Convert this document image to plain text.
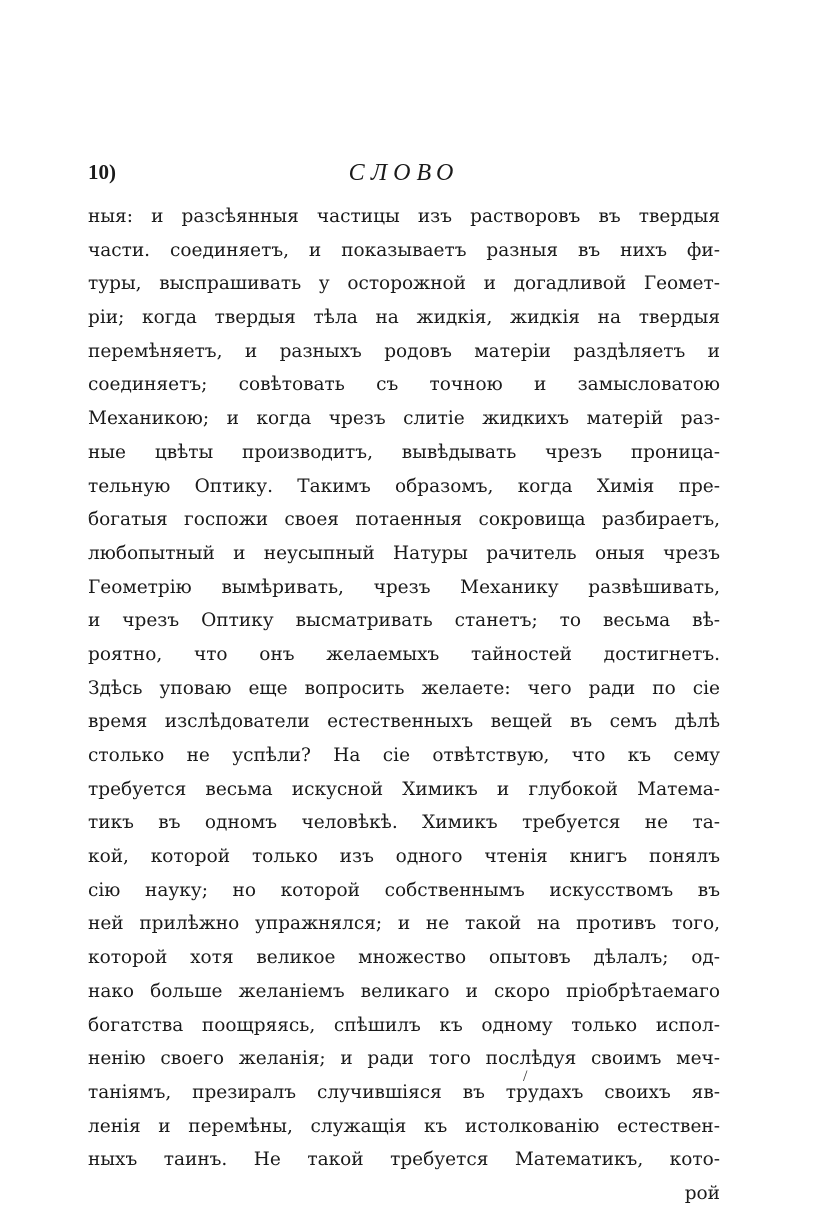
10)	СЛОВО
ныя: и разсѣянныя частицы изъ растворовъ въ твердыя
части. соединяетъ, и показываетъ разныя въ нихъ фи-
туры, выспрашивать у осторожной и догадливой Геомет-
рiи; когда твердыя тѣла на жидкiя, жидкiя на твердыя
перемѣняетъ, и разныхъ родовъ матерiи раздѣляетъ и
соединяетъ; совѣтовать съ точною и замысловатою
Механикою; и когда чрезъ слитiе жидкихъ матерiй раз-
ные цвѣты производитъ, вывѣдывать чрезъ проница-
тельную Оптику. Такимъ образомъ, когда Химiя пре-
богатыя госпожи своея потаенныя сокровища разбираетъ,
любопытный и неусыпный Натуры рачитель оныя чрезъ
Геометрiю вымѣривать, чрезъ Механику развѣшивать,
и чрезъ Оптику высматривать станетъ; то весьма вѣ-
роятно, что онъ желаемыхъ тайностей достигнетъ.
Здѣсь уповаю еще вопросить желаете: чего ради по сiе
время изслѣдователи естественныхъ вещей въ семъ дѣлѣ
столько не успѣли? На сiе отвѣтствую, что къ сему
требуется весьма искусной Химикъ и глубокой Матема-
тикъ въ одномъ человѣкѣ. Химикъ требуется не та-
кой, которой только изъ одного чтенiя книгъ понялъ
сiю науку; но которой собственнымъ искусствомъ въ
ней прилѣжно упражнялся; и не такой на противъ того,
которой хотя великое множество опытовъ дѣлалъ; од-
нако больше желанiемъ великаго и скоро прiобрѣтаемаго
богатства поощряясь, спѣшилъ къ одному только испол-
ненiю своего желанiя; и ради того послѣдуя своимъ меч-
танiямъ, презиралъ случившiяся въ трудахъ своихъ яв-
ленiя и перемѣны, служащiя къ истолкованiю естествен-
ныхъ таинъ. Не такой требуется Математикъ, кото-
рой
/
